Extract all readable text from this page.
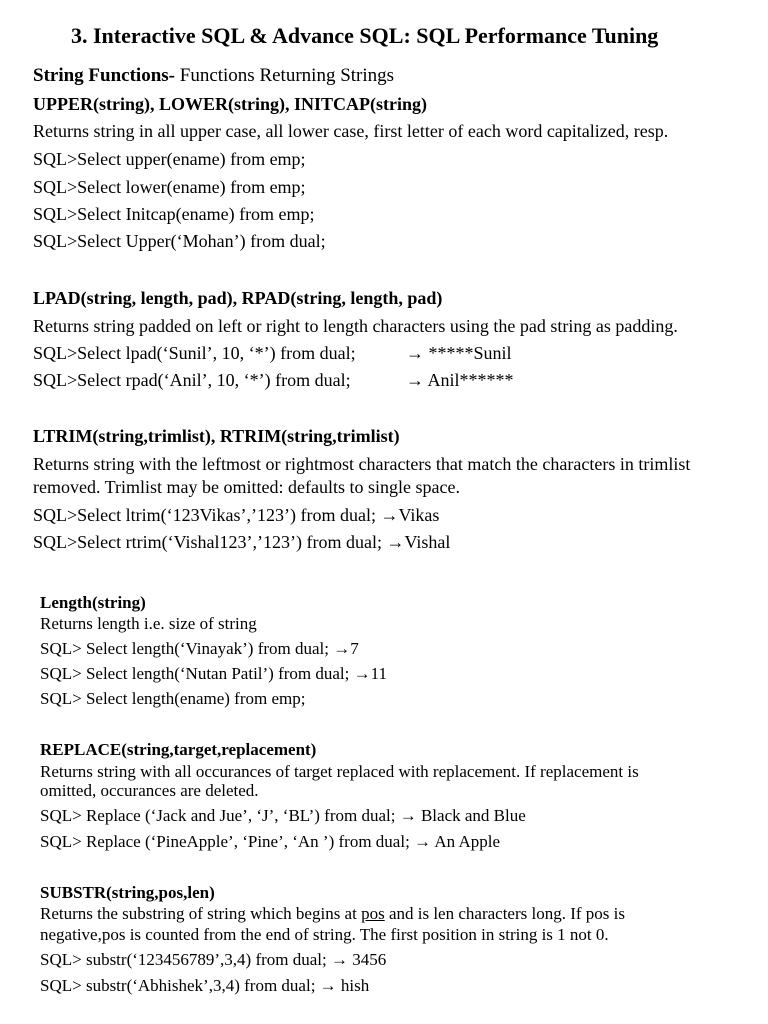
3. Interactive SQL & Advance SQL: SQL Performance Tuning
String Functions- Functions Returning Strings
UPPER(string), LOWER(string), INITCAP(string)
Returns string in all upper case, all lower case, first letter of each word capitalized, resp.
SQL>Select upper(ename) from emp;
SQL>Select lower(ename) from emp;
SQL>Select Initcap(ename) from emp;
SQL>Select Upper(‘Mohan’) from dual;
LPAD(string, length, pad), RPAD(string, length, pad)
Returns string padded on left or right to length characters using the pad string as padding.
SQL>Select lpad(‘Sunil’, 10, ‘*’) from dual;	→ *****Sunil
SQL>Select rpad(‘Anil’, 10, ‘*’) from dual;	→ Anil******
LTRIM(string,trimlist), RTRIM(string,trimlist)
Returns string with the leftmost or rightmost characters that match the characters in trimlist
removed. Trimlist may be omitted: defaults to single space.
SQL>Select ltrim(‘123Vikas’,’123’) from dual; →Vikas
SQL>Select rtrim(‘Vishal123’,’123’) from dual; →Vishal
Length(string)
Returns length i.e. size of string
SQL> Select length(‘Vinayak’) from dual; →7
SQL> Select length(‘Nutan Patil’) from dual; →11
SQL> Select length(ename) from emp;
REPLACE(string,target,replacement)
Returns string with all occurances of target replaced with replacement. If replacement is
omitted, occurances are deleted.
SQL> Replace (‘Jack and Jue’, ‘J’, ‘BL’) from dual; → Black and Blue
SQL> Replace (‘PineApple’, ‘Pine’, ‘An ’) from dual; → An Apple
SUBSTR(string,pos,len)
Returns the substring of string which begins at pos and is len characters long. If pos is
negative,pos is counted from the end of string. The first position in string is 1 not 0.
SQL> substr(‘123456789’,3,4) from dual; → 3456
SQL> substr(‘Abhishek’,3,4) from dual; → hish
